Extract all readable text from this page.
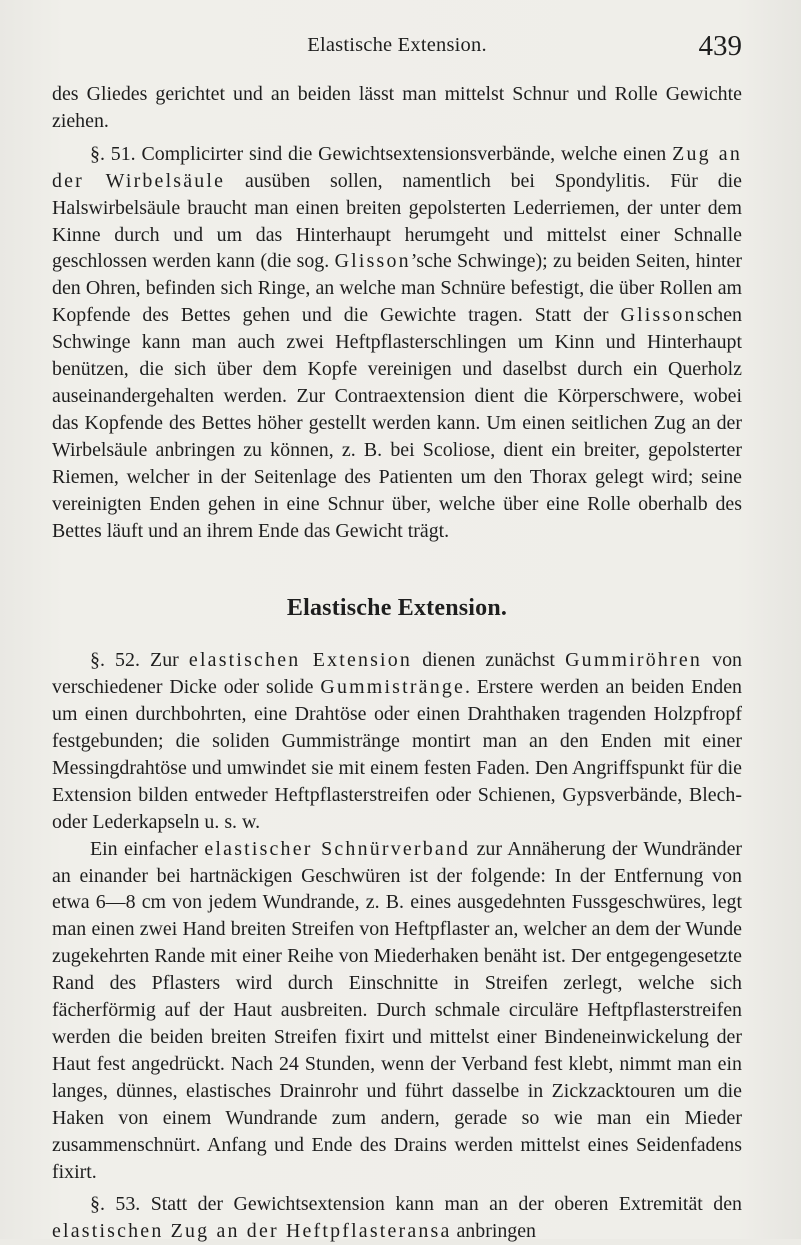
Elastische Extension.	439

des Gliedes gerichtet und an beiden lässt man mittelst Schnur und Rolle Gewichte ziehen.

§. 51. Complicirter sind die Gewichtsextensionsverbände, welche einen Zug an der Wirbelsäule ausüben sollen, namentlich bei Spondylitis. Für die Halswirbelsäule braucht man einen breiten gepolsterten Lederriemen, der unter dem Kinne durch und um das Hinterhaupt herumgeht und mittelst einer Schnalle geschlossen werden kann (die sog. Glisson’sche Schwinge); zu beiden Seiten, hinter den Ohren, befinden sich Ringe, an welche man Schnüre befestigt, die über Rollen am Kopfende des Bettes gehen und die Gewichte tragen. Statt der Glissonschen Schwinge kann man auch zwei Heftpflasterschlingen um Kinn und Hinterhaupt benützen, die sich über dem Kopfe vereinigen und daselbst durch ein Querholz auseinandergehalten werden. Zur Contraextension dient die Körperschwere, wobei das Kopfende des Bettes höher gestellt werden kann. Um einen seitlichen Zug an der Wirbelsäule anbringen zu können, z. B. bei Scoliose, dient ein breiter, gepolsterter Riemen, welcher in der Seitenlage des Patienten um den Thorax gelegt wird; seine vereinigten Enden gehen in eine Schnur über, welche über eine Rolle oberhalb des Bettes läuft und an ihrem Ende das Gewicht trägt.

Elastische Extension.

§. 52. Zur elastischen Extension dienen zunächst Gummiröhren von verschiedener Dicke oder solide Gummistränge. Erstere werden an beiden Enden um einen durchbohrten, eine Drahtöse oder einen Drahthaken tragenden Holzpfropf festgebunden; die soliden Gummistränge montirt man an den Enden mit einer Messingdrahtöse und umwindet sie mit einem festen Faden. Den Angriffspunkt für die Extension bilden entweder Heftpflasterstreifen oder Schienen, Gypsverbände, Blech- oder Lederkapseln u. s. w.

Ein einfacher elastischer Schnürverband zur Annäherung der Wundränder an einander bei hartnäckigen Geschwüren ist der folgende: In der Entfernung von etwa 6—8 cm von jedem Wundrande, z. B. eines ausgedehnten Fussgeschwüres, legt man einen zwei Hand breiten Streifen von Heftpflaster an, welcher an dem der Wunde zugekehrten Rande mit einer Reihe von Miederhaken benäht ist. Der entgegengesetzte Rand des Pflasters wird durch Einschnitte in Streifen zerlegt, welche sich fächerförmig auf der Haut ausbreiten. Durch schmale circuläre Heftpflasterstreifen werden die beiden breiten Streifen fixirt und mittelst einer Bindeneinwickelung der Haut fest angedrückt. Nach 24 Stunden, wenn der Verband fest klebt, nimmt man ein langes, dünnes, elastisches Drainrohr und führt dasselbe in Zickzacktouren um die Haken von einem Wundrande zum andern, gerade so wie man ein Mieder zusammenschnürt. Anfang und Ende des Drains werden mittelst eines Seidenfadens fixirt.

§. 53. Statt der Gewichtsextension kann man an der oberen Extremität den elastischen Zug an der Heftpflasteransa anbringen
